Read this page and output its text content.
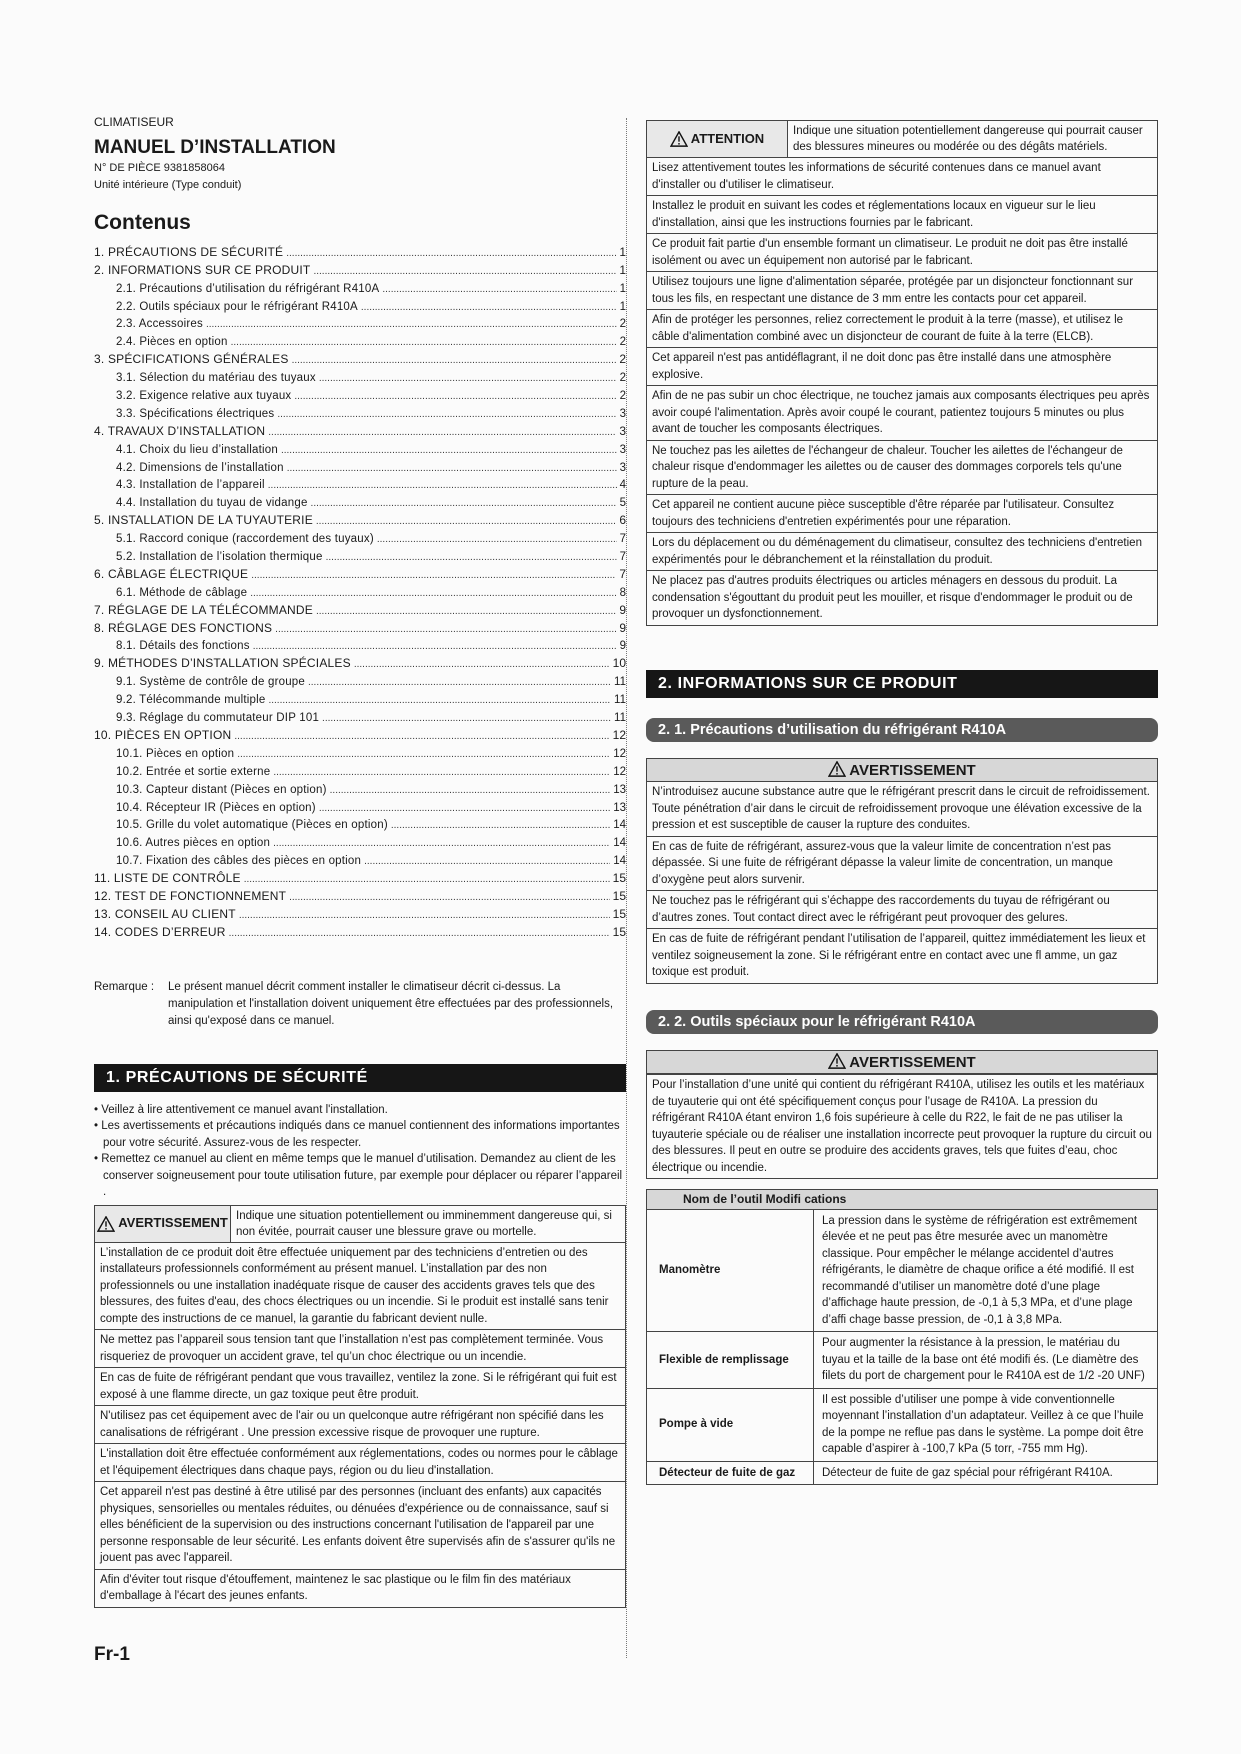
CLIMATISEUR

MANUEL D’INSTALLATION

N° DE PIÈCE 9381858064

Unité intérieure (Type conduit)

Contenus
1. PRÉCAUTIONS DE SÉCURITÉ .....	1
2. INFORMATIONS SUR CE PRODUIT .....	1
2.1. Précautions d’utilisation du réfrigérant R410A .....	1
2.2. Outils spéciaux pour le réfrigérant R410A .....	1
2.3. Accessoires .....	2
2.4. Pièces en option .....	2
3. SPÉCIFICATIONS GÉNÉRALES .....	2
3.1. Sélection du matériau des tuyaux .....	2
3.2. Exigence relative aux tuyaux .....	2
3.3. Spécifications électriques .....	3
4. TRAVAUX D’INSTALLATION .....	3
4.1. Choix du lieu d’installation .....	3
4.2. Dimensions de l’installation .....	3
4.3. Installation de l’appareil .....	4
4.4. Installation du tuyau de vidange .....	5
5. INSTALLATION DE LA TUYAUTERIE .....	6
5.1. Raccord conique (raccordement des tuyaux) .....	7
5.2. Installation de l’isolation thermique .....	7
6. CÂBLAGE ÉLECTRIQUE .....	7
6.1. Méthode de câblage .....	8
7. RÉGLAGE DE LA TÉLÉCOMMANDE .....	9
8. RÉGLAGE DES FONCTIONS .....	9
8.1. Détails des fonctions .....	9
9. MÉTHODES D’INSTALLATION SPÉCIALES .....	10
9.1. Système de contrôle de groupe .....	11
9.2. Télécommande multiple .....	11
9.3. Réglage du commutateur DIP 101 .....	11
10. PIÈCES EN OPTION .....	12
10.1. Pièces en option .....	12
10.2. Entrée et sortie externe .....	12
10.3. Capteur distant (Pièces en option) .....	13
10.4. Récepteur IR (Pièces en option) .....	13
10.5. Grille du volet automatique (Pièces en option) .....	14
10.6. Autres pièces en option .....	14
10.7. Fixation des câbles des pièces en option .....	14
11. LISTE DE CONTRÔLE .....	15
12. TEST DE FONCTIONNEMENT .....	15
13. CONSEIL AU CLIENT .....	15
14. CODES D’ERREUR .....	15
Remarque :	Le présent manuel décrit comment installer le climatiseur décrit ci-dessus. La manipulation et l'installation doivent uniquement être effectuées par des professionnels, ainsi qu'exposé dans ce manuel.
1. PRÉCAUTIONS DE SÉCURITÉ
• Veillez à lire attentivement ce manuel avant l'installation.
• Les avertissements et précautions indiqués dans ce manuel contiennent des informations importantes pour votre sécurité. Assurez-vous de les respecter.
• Remettez ce manuel au client en même temps que le manuel d’utilisation. Demandez au client de les conserver soigneusement pour toute utilisation future, par exemple pour déplacer ou réparer l’appareil .
AVERTISSEMENT Indique une situation potentiellement ou imminemment dangereuse qui, si non évitée, pourrait causer une blessure grave ou mortelle.
L’installation de ce produit doit être effectuée uniquement par des techniciens d’entretien ou des installateurs professionnels conformément au présent manuel. L’installation par des non professionnels ou une installation inadéquate risque de causer des accidents graves tels que des blessures, des fuites d'eau, des chocs électriques ou un incendie. Si le produit est installé sans tenir compte des instructions de ce manuel, la garantie du fabricant devient nulle.
Ne mettez pas l’appareil sous tension tant que l’installation n’est pas complètement terminée. Vous risqueriez de provoquer un accident grave, tel qu’un choc électrique ou un incendie.
En cas de fuite de réfrigérant pendant que vous travaillez, ventilez la zone. Si le réfrigérant qui fuit est exposé à une flamme directe, un gaz toxique peut être produit.
N'utilisez pas cet équipement avec de l'air ou un quelconque autre réfrigérant non spécifié dans les canalisations de réfrigérant . Une pression excessive risque de provoquer une rupture.
L'installation doit être effectuée conformément aux réglementations, codes ou normes pour le câblage et l'équipement électriques dans chaque pays, région ou du lieu d'installation.
Cet appareil n'est pas destiné à être utilisé par des personnes (incluant des enfants) aux capacités physiques, sensorielles ou mentales réduites, ou dénuées d'expérience ou de connaissance, sauf si elles bénéficient de la supervision ou des instructions concernant l'utilisation de l'appareil par une personne responsable de leur sécurité. Les enfants doivent être supervisés afin de s'assurer qu'ils ne jouent pas avec l'appareil.
Afin d'éviter tout risque d'étouffement, maintenez le sac plastique ou le film fin des matériaux d'emballage à l'écart des jeunes enfants.
ATTENTION	Indique une situation potentiellement dangereuse qui pourrait causer des blessures mineures ou modérée ou des dégâts matériels.
Lisez attentivement toutes les informations de sécurité contenues dans ce manuel avant d'installer ou d'utiliser le climatiseur.
Installez le produit en suivant les codes et réglementations locaux en vigueur sur le lieu d'installation, ainsi que les instructions fournies par le fabricant.
Ce produit fait partie d'un ensemble formant un climatiseur. Le produit ne doit pas être installé isolément ou avec un équipement non autorisé par le fabricant.
Utilisez toujours une ligne d'alimentation séparée, protégée par un disjoncteur fonctionnant sur tous les fils, en respectant une distance de 3 mm entre les contacts pour cet appareil.
Afin de protéger les personnes, reliez correctement le produit à la terre (masse), et utilisez le câble d'alimentation combiné avec un disjoncteur de courant de fuite à la terre (ELCB).
Cet appareil n'est pas antidéflagrant, il ne doit donc pas être installé dans une atmosphère explosive.
Afin de ne pas subir un choc électrique, ne touchez jamais aux composants électriques peu après avoir coupé l'alimentation. Après avoir coupé le courant, patientez toujours 5 minutes ou plus avant de toucher les composants électriques.
Ne touchez pas les ailettes de l'échangeur de chaleur. Toucher les ailettes de l'échangeur de chaleur risque d'endommager les ailettes ou de causer des dommages corporels tels qu'une rupture de la peau.
Cet appareil ne contient aucune pièce susceptible d'être réparée par l'utilisateur. Consultez toujours des techniciens d'entretien expérimentés pour une réparation.
Lors du déplacement ou du déménagement du climatiseur, consultez des techniciens d'entretien expérimentés pour le débranchement et la réinstallation du produit.
Ne placez pas d'autres produits électriques ou articles ménagers en dessous du produit. La condensation s'égouttant du produit peut les mouiller, et risque d'endommager le produit ou de provoquer un dysfonctionnement.
2. INFORMATIONS SUR CE PRODUIT
2. 1. Précautions d’utilisation du réfrigérant R410A
AVERTISSEMENT
N’introduisez aucune substance autre que le réfrigérant prescrit dans le circuit de refroidissement. Toute pénétration d’air dans le circuit de refroidissement provoque une élévation excessive de la pression et est susceptible de causer la rupture des conduites.
En cas de fuite de réfrigérant, assurez-vous que la valeur limite de concentration n’est pas dépassée. Si une fuite de réfrigérant dépasse la valeur limite de concentration, un manque d’oxygène peut alors survenir.
Ne touchez pas le réfrigérant qui s’échappe des raccordements du tuyau de réfrigérant ou d’autres zones. Tout contact direct avec le réfrigérant peut provoquer des gelures.
En cas de fuite de réfrigérant pendant l’utilisation de l’appareil, quittez immédiatement les lieux et ventilez soigneusement la zone. Si le réfrigérant entre en contact avec une fl amme, un gaz toxique est produit.
2. 2. Outils spéciaux pour le réfrigérant R410A
AVERTISSEMENT
Pour l’installation d’une unité qui contient du réfrigérant R410A, utilisez les outils et les matériaux de tuyauterie qui ont été spécifiquement conçus pour l’usage de R410A. La pression du réfrigérant R410A étant environ 1,6 fois supérieure à celle du R22, le fait de ne pas utiliser la tuyauterie spéciale ou de réaliser une installation incorrecte peut provoquer la rupture du circuit ou des blessures. Il peut en outre se produire des accidents graves, tels que fuites d’eau, choc électrique ou incendie.
Nom de l’outil Modifi cations	
Manomètre	La pression dans le système de réfrigération est extrêmement élevée et ne peut pas être mesurée avec un manomètre classique. Pour empêcher le mélange accidentel d’autres réfrigérants, le diamètre de chaque orifice a été modifié. Il est recommandé d’utiliser un manomètre doté d’une plage d’affichage haute pression, de -0,1 à 5,3 MPa, et d’une plage d’affi chage basse pression, de -0,1 à 3,8 MPa.
Flexible de remplissage	Pour augmenter la résistance à la pression, le matériau du tuyau et la taille de la base ont été modifi és. (Le diamètre des filets du port de chargement pour le R410A est de 1/2 -20 UNF)
Pompe à vide	Il est possible d’utiliser une pompe à vide conventionnelle moyennant l’installation d’un adaptateur. Veillez à ce que l’huile de la pompe ne reflue pas dans le système. La pompe doit être capable d’aspirer à -100,7 kPa (5 torr, -755 mm Hg).
Détecteur de fuite de gaz	Détecteur de fuite de gaz spécial pour réfrigérant R410A.
Fr-1
